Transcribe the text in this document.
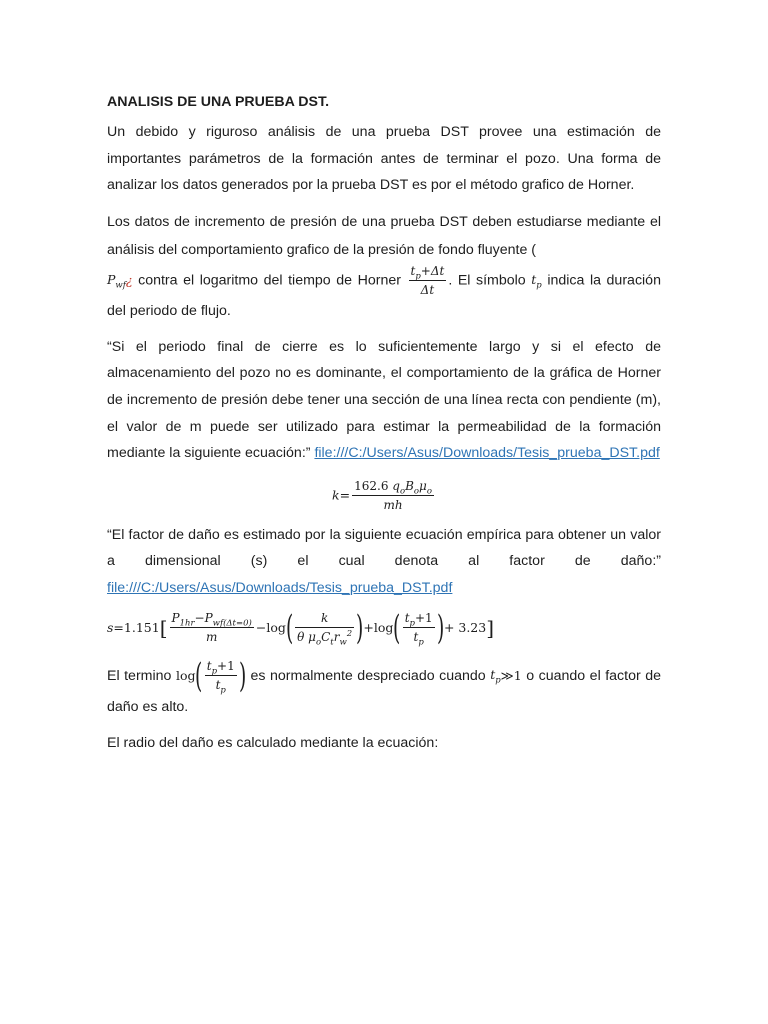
ANALISIS DE UNA PRUEBA DST.
Un debido y riguroso análisis de una prueba DST provee una estimación de importantes parámetros de la formación antes de terminar el pozo. Una forma de analizar los datos generados por la prueba DST es por el método grafico de Horner.
Los datos de incremento de presión de una prueba DST deben estudiarse mediante el análisis del comportamiento grafico de la presión de fondo fluyente (
$P_{wf}¿$ contra el logaritmo del tiempo de Horner $\frac{t_p+\Delta t}{\Delta t}$ . El símbolo $t_p$ indica la duración del periodo de flujo.
“Si el periodo final de cierre es lo suficientemente largo y si el efecto de almacenamiento del pozo no es dominante, el comportamiento de la gráfica de Horner de incremento de presión debe tener una sección de una línea recta con pendiente (m), el valor de m puede ser utilizado para estimar la permeabilidad de la formación mediante la siguiente ecuación:” file:///C:/Users/Asus/Downloads/Tesis_prueba_DST.pdf
$k= \frac{162.6 q_oB_o\mu_o}{mh}$
“El factor de daño es estimado por la siguiente ecuación empírica para obtener un valor a dimensional (s) el cual denota al factor de daño:” file:///C:/Users/Asus/Downloads/Tesis_prueba_DST.pdf
$s=1.151[ \frac{P_{1hr}-P_{wf(\Delta t=0)}}{m} -\log( \frac{k}{\theta \mu_oC_tr_w^2} )+\log( \frac{t_p+1}{t_p}$ )+ 3.23]
El termino $\log( \frac{t_p+1}{t_p}$ ) es normalmente despreciado cuando $t_p≫1$ o cuando el factor de daño es alto.
El radio del daño es calculado mediante la ecuación:
